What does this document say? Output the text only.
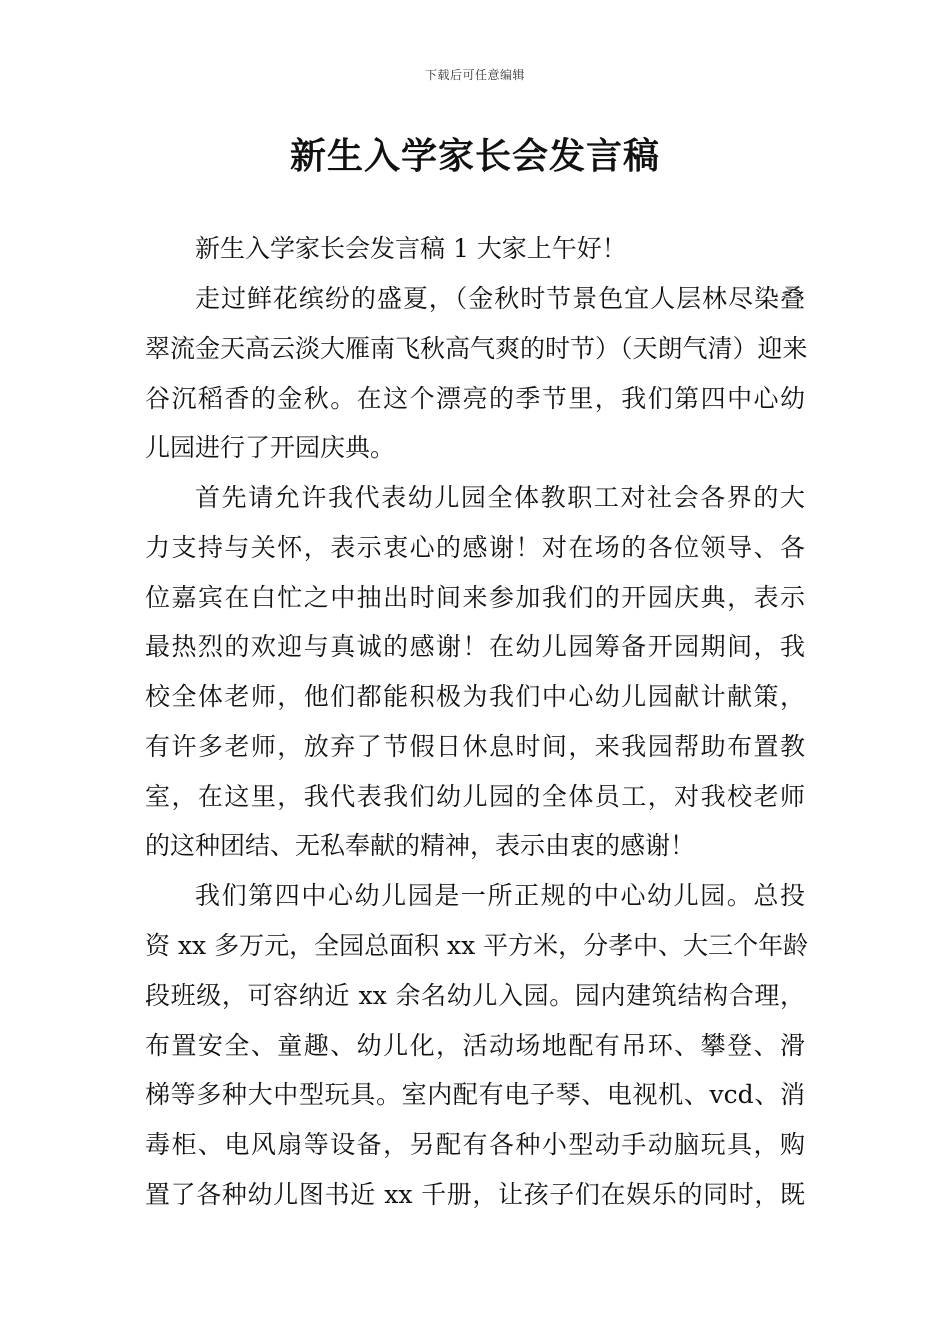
下载后可任意编辑
新生入学家长会发言稿
新生入学家长会发言稿 1 大家上午好！
走过鲜花缤纷的盛夏，（金秋时节景色宜人层林尽染叠
翠流金天高云淡大雁南飞秋高气爽的时节）（天朗气清）迎来
谷沉稻香的金秋。在这个漂亮的季节里，我们第四中心幼
儿园进行了开园庆典。
首先请允许我代表幼儿园全体教职工对社会各界的大
力支持与关怀，表示衷心的感谢！对在场的各位领导、各
位嘉宾在白忙之中抽出时间来参加我们的开园庆典，表示
最热烈的欢迎与真诚的感谢！在幼儿园筹备开园期间，我
校全体老师，他们都能积极为我们中心幼儿园献计献策，
有许多老师，放弃了节假日休息时间，来我园帮助布置教
室，在这里，我代表我们幼儿园的全体员工，对我校老师
的这种团结、无私奉献的精神，表示由衷的感谢！
我们第四中心幼儿园是一所正规的中心幼儿园。总投
资 xx 多万元，全园总面积 xx 平方米，分孝中、大三个年龄
段班级，可容纳近 xx 余名幼儿入园。园内建筑结构合理，
布置安全、童趣、幼儿化，活动场地配有吊环、攀登、滑
梯等多种大中型玩具。室内配有电子琴、电视机、vcd、消
毒柜、电风扇等设备，另配有各种小型动手动脑玩具，购
置了各种幼儿图书近 xx 千册，让孩子们在娱乐的同时，既
